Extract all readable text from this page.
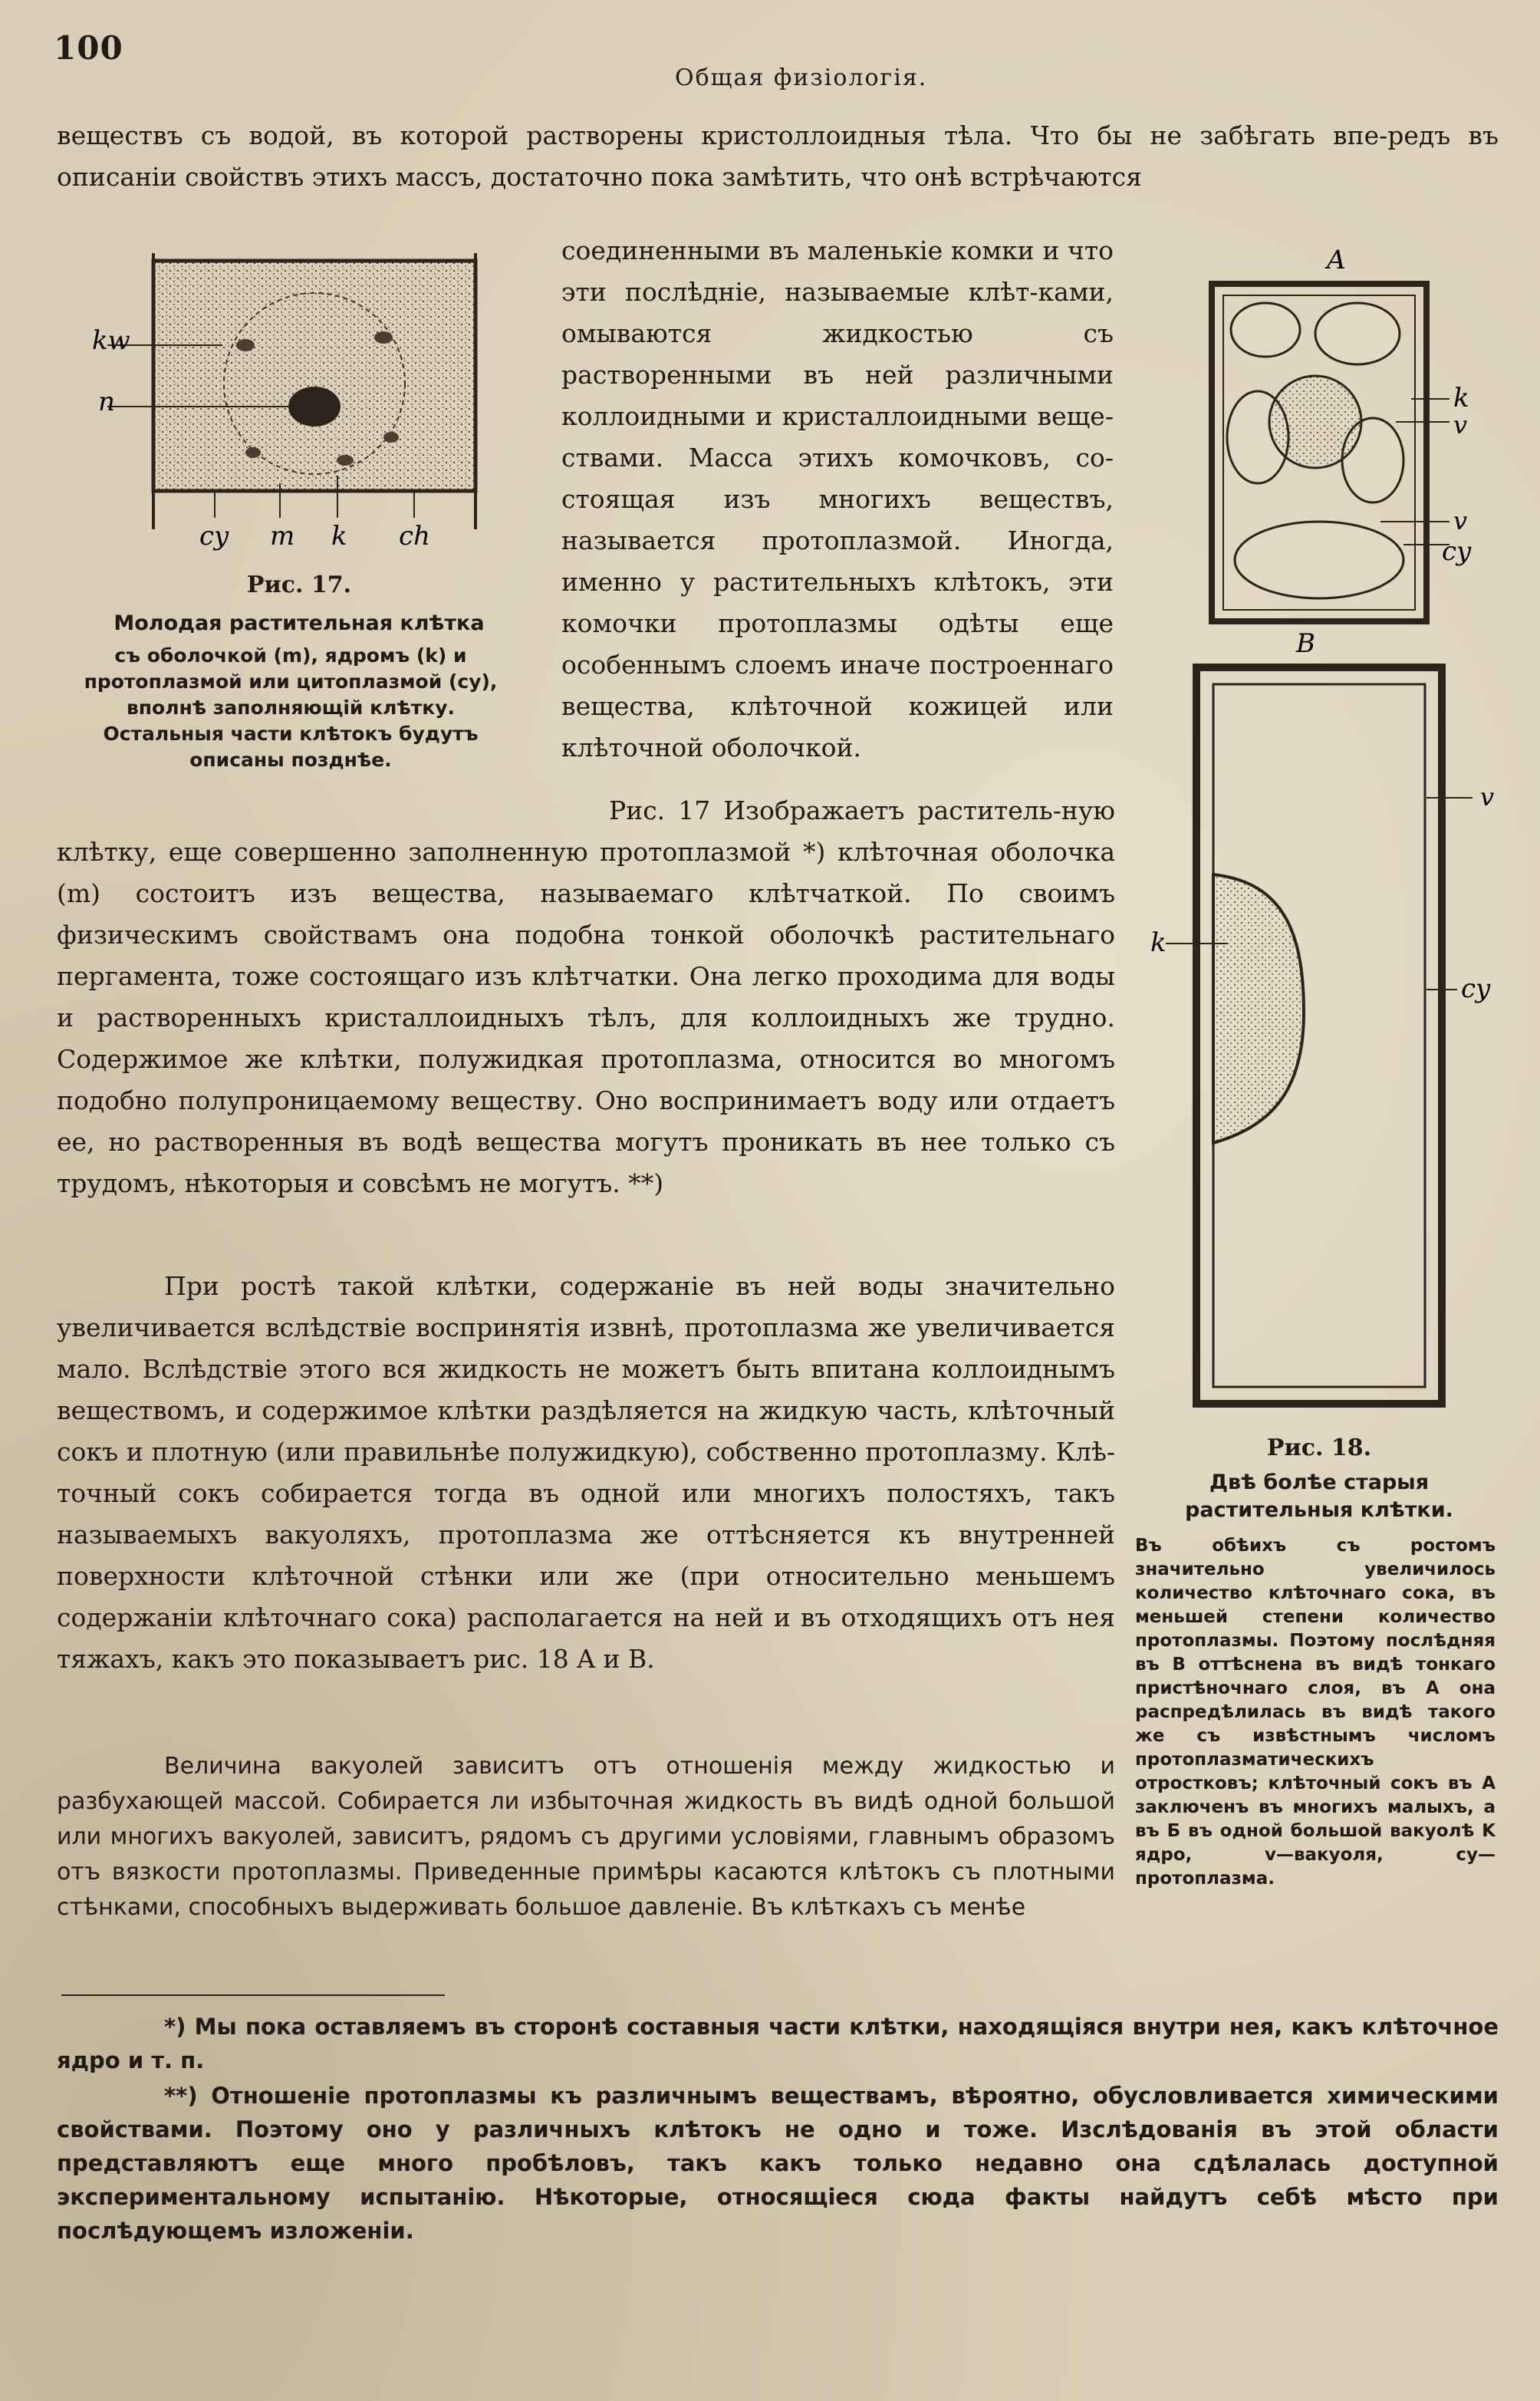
100
Общая физіологія.

веществъ съ водой, въ которой растворены кристоллоидныя тѣла. Что бы не забѣгать впе-редъ въ описаніи свойствъ этихъ массъ, достаточно пока замѣтить, что онѣ встрѣчаются

kw
n
cy m k ch
Рис. 17.
Молодая растительная клѣтка
съ оболочкой (m), ядромъ (k) и протоплазмой или цитоплазмой (cy), вполнѣ заполняющій клѣтку. Остальныя части клѣтокъ будутъ описаны позднѣе.

соединенными въ маленькіе комки и что эти послѣдніе, называемые клѣт-ками, омываются жидкостью съ растворенными въ ней различными коллоидными и кристаллоидными веще-ствами. Масса этихъ комочковъ, со-стоящая изъ многихъ веществъ, называется протоплазмой. Иногда, именно у растительныхъ клѣтокъ, эти комочки протоплазмы одѣты еще особеннымъ слоемъ иначе построеннаго вещества, клѣточной кожицей или клѣточной оболочкой.

Рис. 17 Изображаетъ раститель-ную клѣтку, еще совершенно заполненную протоплазмой *) клѣточная оболочка (m) состоитъ изъ вещества, называемаго клѣтчаткой. По своимъ физическимъ свойствамъ она подобна тонкой оболочкѣ растительнаго пергамента, тоже состоящаго изъ клѣтчатки. Она легко проходима для воды и растворенныхъ кристаллоидныхъ тѣлъ, для коллоидныхъ же трудно. Содержимое же клѣтки, полужидкая протоплазма, относится во многомъ подобно полупроницаемому веществу. Оно воспринимаетъ воду или отдаетъ ее, но растворенныя въ водѣ вещества могутъ проникать въ нее только съ трудомъ, нѣкоторыя и совсѣмъ не могутъ. **)

При ростѣ такой клѣтки, содержаніе въ ней воды значительно увеличивается вслѣдствіе воспринятія извнѣ, протоплазма же увеличивается мало. Вслѣдствіе этого вся жидкость не можетъ быть впитана коллоиднымъ веществомъ, и содержимое клѣтки раздѣляется на жидкую часть, клѣточный сокъ и плотную (или правильнѣе полужидкую), собственно протоплазму. Клѣ-точный сокъ собирается тогда въ одной или многихъ полостяхъ, такъ называемыхъ вакуоляхъ, протоплазма же оттѣсняется къ внутренней поверхности клѣточной стѣнки или же (при относительно меньшемъ содержаніи клѣточнаго сока) располагается на ней и въ отходящихъ отъ нея тяжахъ, какъ это показываетъ рис. 18 A и B.

Величина вакуолей зависитъ отъ отношенія между жидкостью и разбухающей массой. Собирается ли избыточная жидкость въ видѣ одной большой или многихъ вакуолей, зависитъ, рядомъ съ другими условіями, главнымъ образомъ отъ вязкости протоплазмы. Приведенные примѣры касаются клѣтокъ съ плотными стѣнками, способныхъ выдерживать большое давленіе. Въ клѣткахъ съ менѣе

A
k
v
v
cy
B
v
k
cy
Рис. 18.
Двѣ болѣе старыя растительныя клѣтки.
Въ обѣихъ съ ростомъ значительно увеличилось количество клѣточнаго сока, въ меньшей степени количество протоплазмы. Поэтому послѣдняя въ B оттѣснена въ видѣ тонкаго пристѣночнаго слоя, въ A она распредѣлилась въ видѣ такого же съ извѣстнымъ числомъ протоплазматическихъ отростковъ; клѣточный сокъ въ A заключенъ въ многихъ малыхъ, а въ Б въ одной большой вакуолѣ K ядро, v—вакуоля, cy—протоплазма.

*) Мы пока оставляемъ въ сторонѣ составныя части клѣтки, находящіяся внутри нея, какъ клѣточное ядро и т. п.

**) Отношеніе протоплазмы къ различнымъ веществамъ, вѣроятно, обусловливается химическими свойствами. Поэтому оно у различныхъ клѣтокъ не одно и тоже. Изслѣдованія въ этой области представляютъ еще много пробѣловъ, такъ какъ только недавно она сдѣлалась доступной экспериментальному испытанію. Нѣкоторые, относящіеся сюда факты найдутъ себѣ мѣсто при послѣдующемъ изложеніи.
